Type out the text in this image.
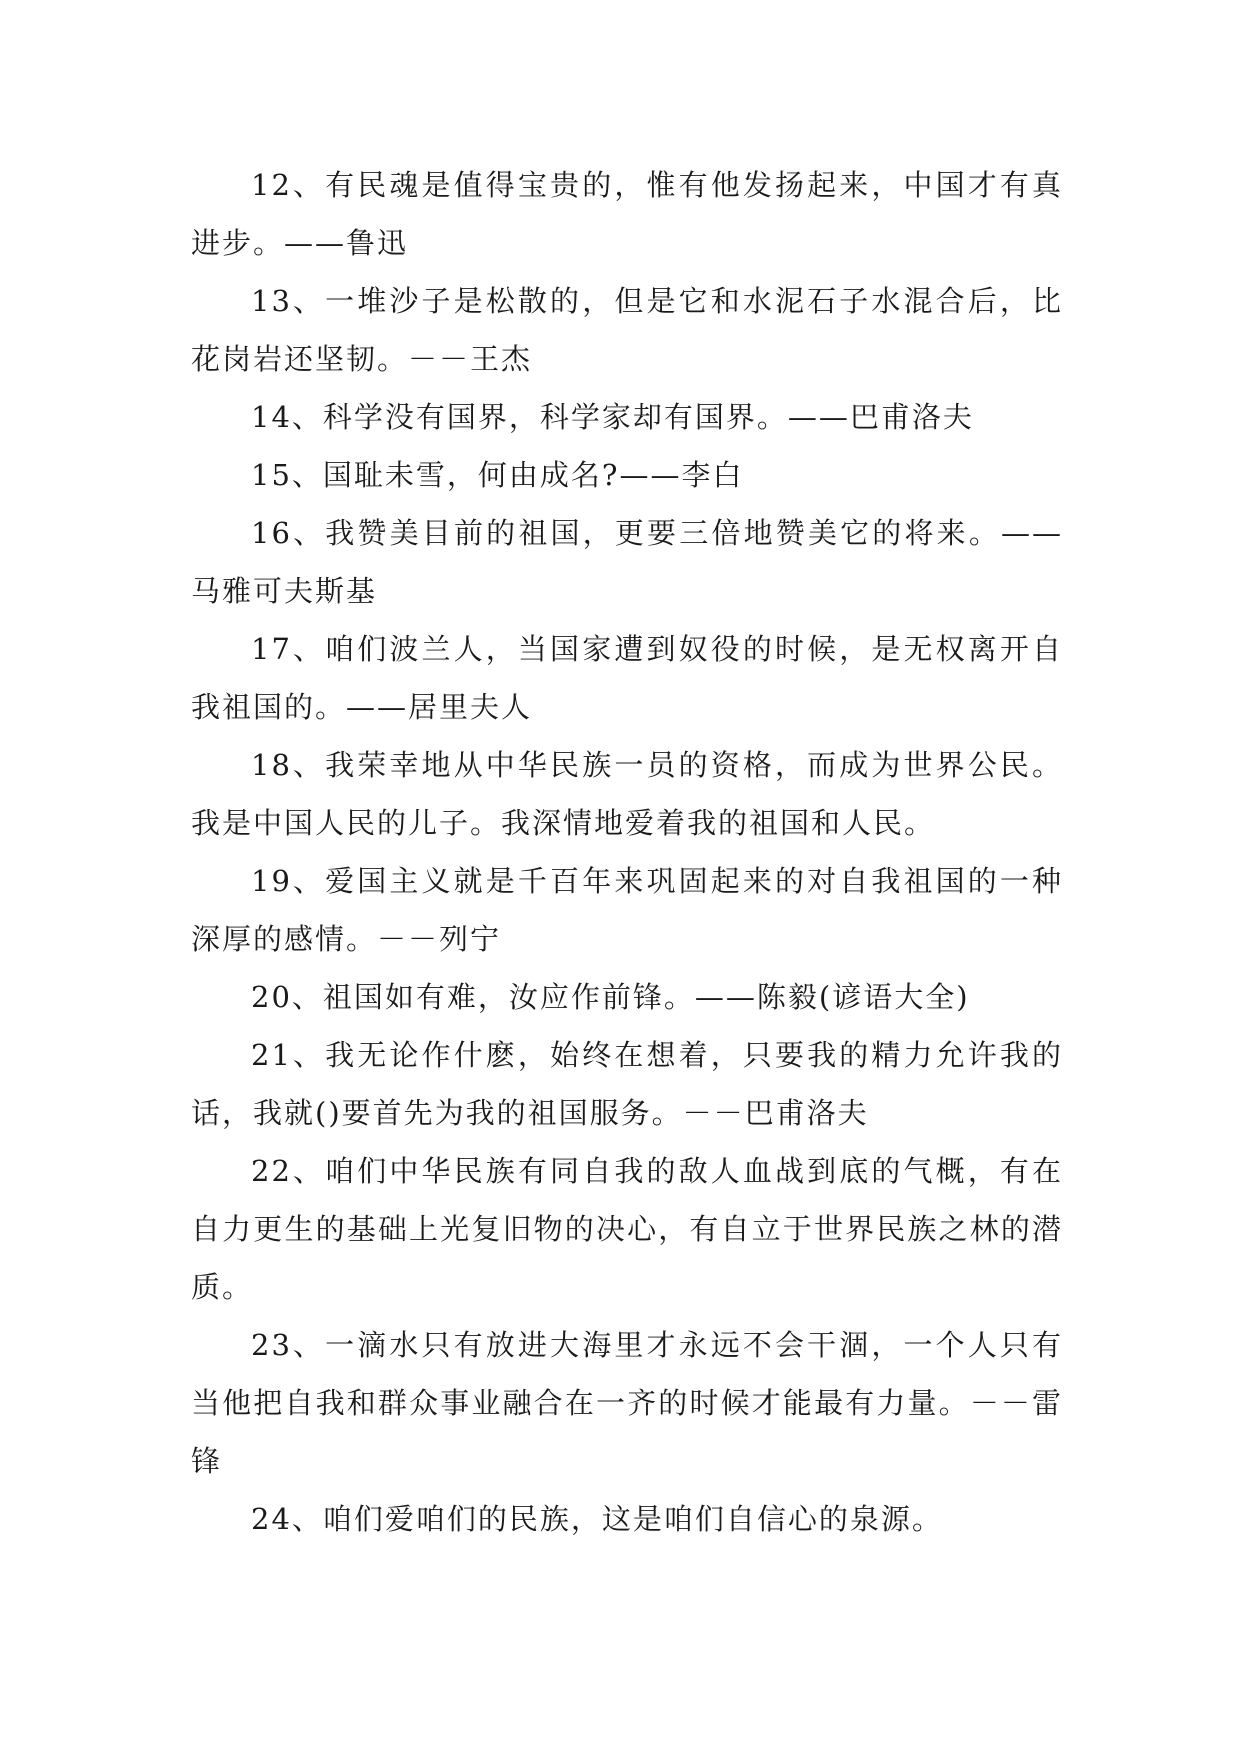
12、有民魂是值得宝贵的，惟有他发扬起来，中国才有真进步。——鲁迅

13、一堆沙子是松散的，但是它和水泥石子水混合后，比花岗岩还坚韧。－－王杰

14、科学没有国界，科学家却有国界。——巴甫洛夫

15、国耻未雪，何由成名?——李白

16、我赞美目前的祖国，更要三倍地赞美它的将来。——马雅可夫斯基

17、咱们波兰人，当国家遭到奴役的时候，是无权离开自我祖国的。——居里夫人

18、我荣幸地从中华民族一员的资格，而成为世界公民。我是中国人民的儿子。我深情地爱着我的祖国和人民。

19、爱国主义就是千百年来巩固起来的对自我祖国的一种深厚的感情。－－列宁

20、祖国如有难，汝应作前锋。——陈毅(谚语大全)

21、我无论作什麽，始终在想着，只要我的精力允许我的话，我就()要首先为我的祖国服务。－－巴甫洛夫

22、咱们中华民族有同自我的敌人血战到底的气概，有在自力更生的基础上光复旧物的决心，有自立于世界民族之林的潜质。

23、一滴水只有放进大海里才永远不会干涸，一个人只有当他把自我和群众事业融合在一齐的时候才能最有力量。－－雷锋

24、咱们爱咱们的民族，这是咱们自信心的泉源。
